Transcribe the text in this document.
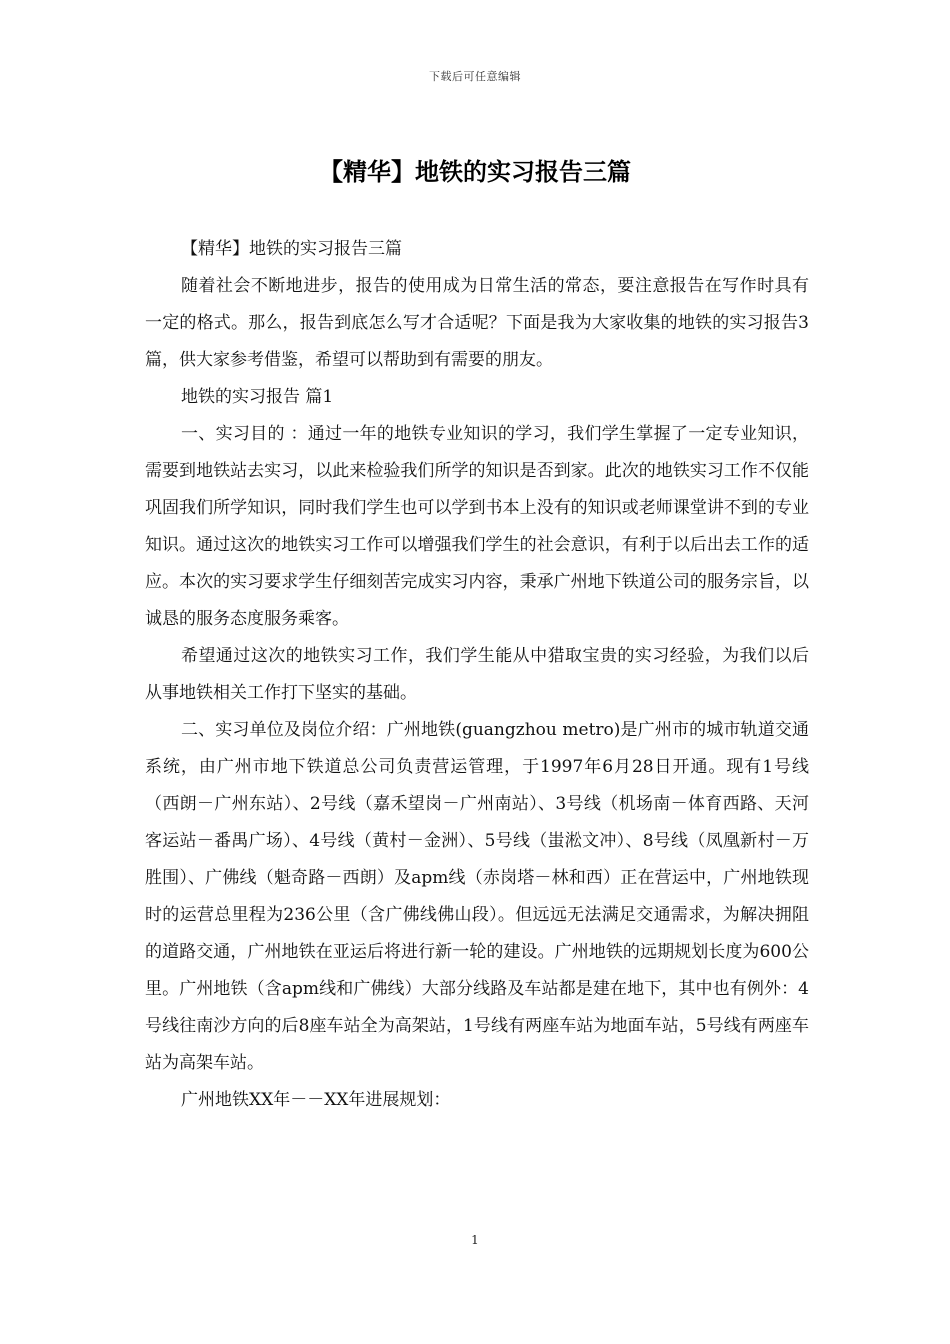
下载后可任意编辑
【精华】地铁的实习报告三篇

【精华】地铁的实习报告三篇

随着社会不断地进步，报告的使用成为日常生活的常态，要注意报告在写作时具有一定的格式。那么，报告到底怎么写才合适呢？下面是我为大家收集的地铁的实习报告3篇，供大家参考借鉴，希望可以帮助到有需要的朋友。

地铁的实习报告 篇1

一、实习目的 ：通过一年的地铁专业知识的学习，我们学生掌握了一定专业知识，需要到地铁站去实习，以此来检验我们所学的知识是否到家。此次的地铁实习工作不仅能巩固我们所学知识，同时我们学生也可以学到书本上没有的知识或老师课堂讲不到的专业知识。通过这次的地铁实习工作可以增强我们学生的社会意识，有利于以后出去工作的适应。本次的实习要求学生仔细刻苦完成实习内容，秉承广州地下铁道公司的服务宗旨，以诚恳的服务态度服务乘客。

希望通过这次的地铁实习工作，我们学生能从中猎取宝贵的实习经验，为我们以后从事地铁相关工作打下坚实的基础。

二、实习单位及岗位介绍：广州地铁(guangzhou metro)是广州市的城市轨道交通系统，由广州市地下铁道总公司负责营运管理，于1997年6月28日开通。现有1号线（西朗－广州东站）、2号线（嘉禾望岗－广州南站）、3号线（机场南－体育西路、天河客运站－番禺广场）、4号线（黄村－金洲）、5号线（蚩淞文冲）、8号线（凤凰新村－万胜围）、广佛线（魁奇路－西朗）及apm线（赤岗塔－林和西）正在营运中，广州地铁现时的运营总里程为236公里（含广佛线佛山段）。但远远无法满足交通需求，为解决拥阻的道路交通，广州地铁在亚运后将进行新一轮的建设。广州地铁的远期规划长度为600公里。广州地铁（含apm线和广佛线）大部分线路及车站都是建在地下，其中也有例外：4号线往南沙方向的后8座车站全为高架站，1号线有两座车站为地面车站，5号线有两座车站为高架车站。

广州地铁XX年－－XX年进展规划：

1
